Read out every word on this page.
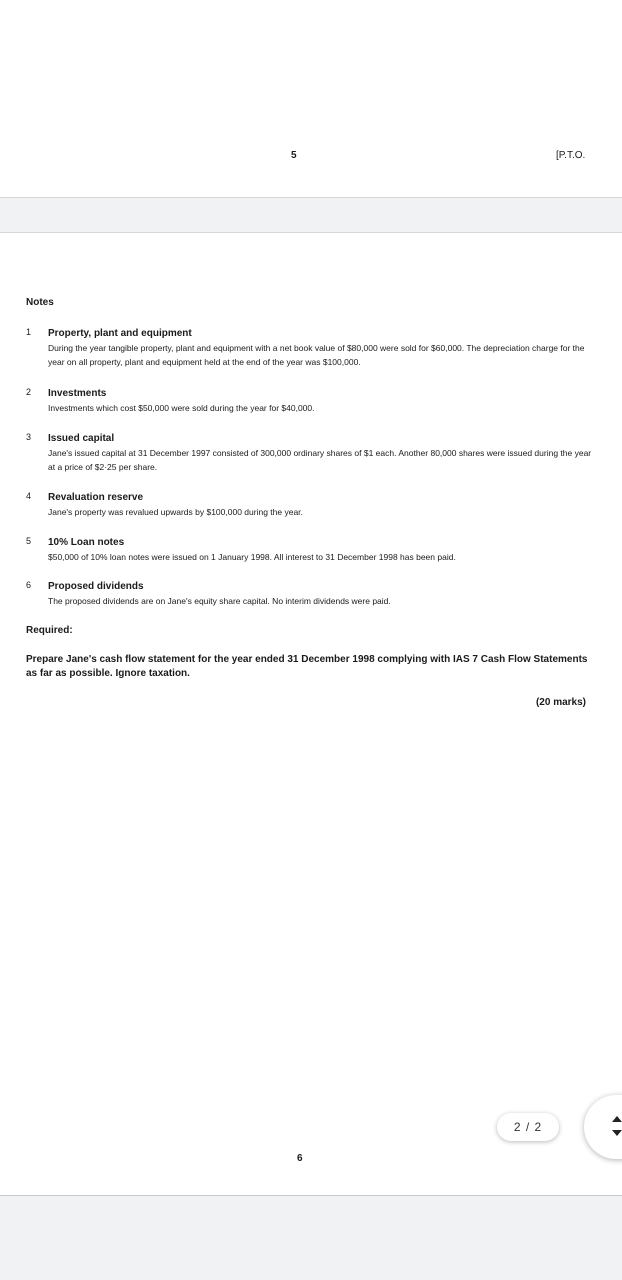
5	[P.T.O.
Notes
1	Property, plant and equipment
During the year tangible property, plant and equipment with a net book value of $80,000 were sold for $60,000. The depreciation charge for the year on all property, plant and equipment held at the end of the year was $100,000.
2	Investments
Investments which cost $50,000 were sold during the year for $40,000.
3	Issued capital
Jane's issued capital at 31 December 1997 consisted of 300,000 ordinary shares of $1 each. Another 80,000 shares were issued during the year at a price of $2·25 per share.
4	Revaluation reserve
Jane's property was revalued upwards by $100,000 during the year.
5	10% Loan notes
$50,000 of 10% loan notes were issued on 1 January 1998. All interest to 31 December 1998 has been paid.
6	Proposed dividends
The proposed dividends are on Jane's equity share capital. No interim dividends were paid.
Required:
Prepare Jane's cash flow statement for the year ended 31 December 1998 complying with IAS 7 Cash Flow Statements as far as possible. Ignore taxation.
(20 marks)
6
2 / 2
